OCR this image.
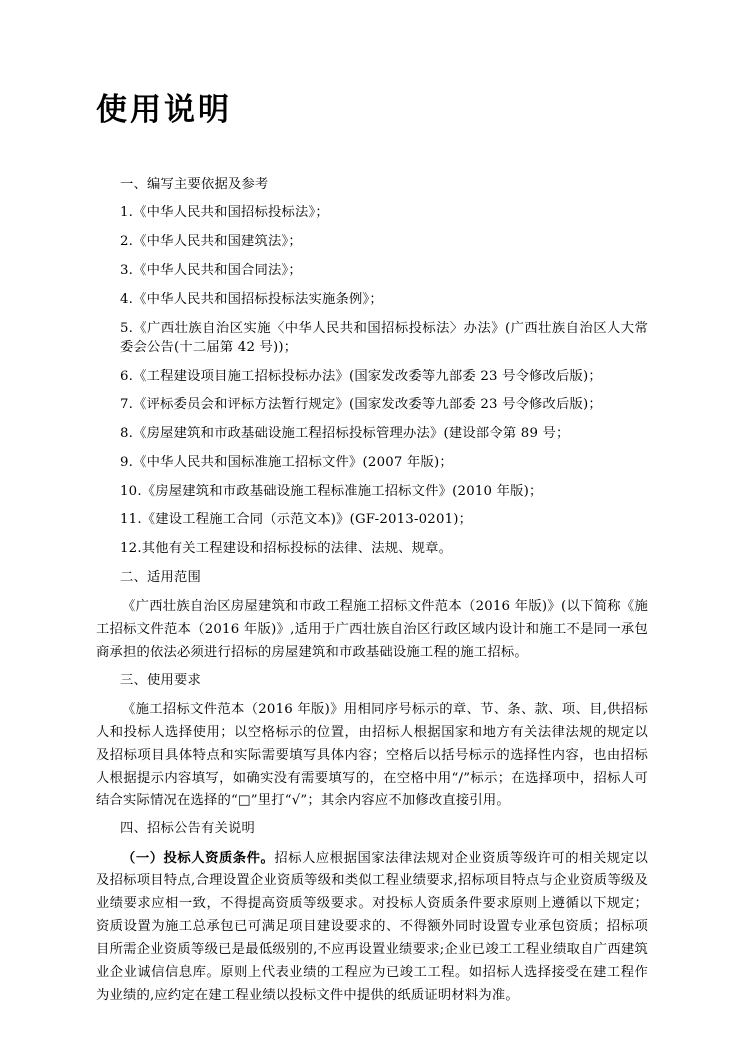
使用说明

一、编写主要依据及参考

1.《中华人民共和国招标投标法》；

2.《中华人民共和国建筑法》；

3.《中华人民共和国合同法》；

4.《中华人民共和国招标投标法实施条例》；

5.《广西壮族自治区实施〈中华人民共和国招标投标法〉办法》(广西壮族自治区人大常委会公告(十二届第 42 号))；

6.《工程建设项目施工招标投标办法》(国家发改委等九部委 23 号令修改后版)；

7.《评标委员会和评标方法暂行规定》(国家发改委等九部委 23 号令修改后版)；

8.《房屋建筑和市政基础设施工程招标投标管理办法》(建设部令第 89 号；

9.《中华人民共和国标准施工招标文件》(2007 年版)；

10.《房屋建筑和市政基础设施工程标准施工招标文件》(2010 年版)；

11.《建设工程施工合同（示范文本)》(GF-2013-0201)；

12.其他有关工程建设和招标投标的法律、法规、规章。

二、适用范围

《广西壮族自治区房屋建筑和市政工程施工招标文件范本（2016 年版)》(以下简称《施工招标文件范本（2016 年版)》,适用于广西壮族自治区行政区域内设计和施工不是同一承包商承担的依法必须进行招标的房屋建筑和市政基础设施工程的施工招标。

三、使用要求

《施工招标文件范本（2016 年版)》用相同序号标示的章、节、条、款、项、目,供招标人和投标人选择使用；以空格标示的位置，由招标人根据国家和地方有关法律法规的规定以及招标项目具体特点和实际需要填写具体内容；空格后以括号标示的选择性内容，也由招标人根据提示内容填写，如确实没有需要填写的，在空格中用“/”标示；在选择项中，招标人可结合实际情况在选择的“□”里打“√”；其余内容应不加修改直接引用。

四、招标公告有关说明

（一）投标人资质条件。招标人应根据国家法律法规对企业资质等级许可的相关规定以及招标项目特点,合理设置企业资质等级和类似工程业绩要求,招标项目特点与企业资质等级及业绩要求应相一致，不得提高资质等级要求。对投标人资质条件要求原则上遵循以下规定；资质设置为施工总承包已可满足项目建设要求的、不得额外同时设置专业承包资质；招标项目所需企业资质等级已是最低级别的,不应再设置业绩要求;企业已竣工工程业绩取自广西建筑业企业诚信信息库。原则上代表业绩的工程应为已竣工工程。如招标人选择接受在建工程作为业绩的,应约定在建工程业绩以投标文件中提供的纸质证明材料为准。
